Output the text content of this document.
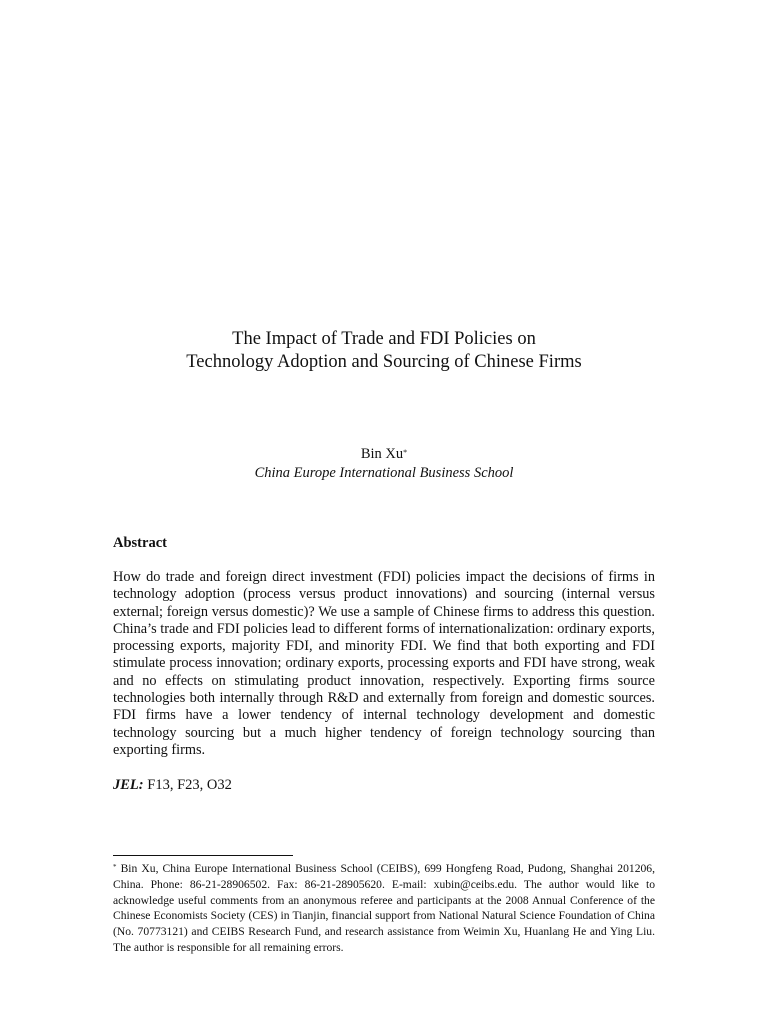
The Impact of Trade and FDI Policies on
Technology Adoption and Sourcing of Chinese Firms
Bin Xu*
China Europe International Business School
Abstract
How do trade and foreign direct investment (FDI) policies impact the decisions of firms in technology adoption (process versus product innovations) and sourcing (internal versus external; foreign versus domestic)? We use a sample of Chinese firms to address this question. China’s trade and FDI policies lead to different forms of internationalization: ordinary exports, processing exports, majority FDI, and minority FDI. We find that both exporting and FDI stimulate process innovation; ordinary exports, processing exports and FDI have strong, weak and no effects on stimulating product innovation, respectively. Exporting firms source technologies both internally through R&D and externally from foreign and domestic sources. FDI firms have a lower tendency of internal technology development and domestic technology sourcing but a much higher tendency of foreign technology sourcing than exporting firms.
JEL: F13, F23, O32
* Bin Xu, China Europe International Business School (CEIBS), 699 Hongfeng Road, Pudong, Shanghai 201206, China. Phone: 86-21-28906502. Fax: 86-21-28905620. E-mail: xubin@ceibs.edu. The author would like to acknowledge useful comments from an anonymous referee and participants at the 2008 Annual Conference of the Chinese Economists Society (CES) in Tianjin, financial support from National Natural Science Foundation of China (No. 70773121) and CEIBS Research Fund, and research assistance from Weimin Xu, Huanlang He and Ying Liu. The author is responsible for all remaining errors.
